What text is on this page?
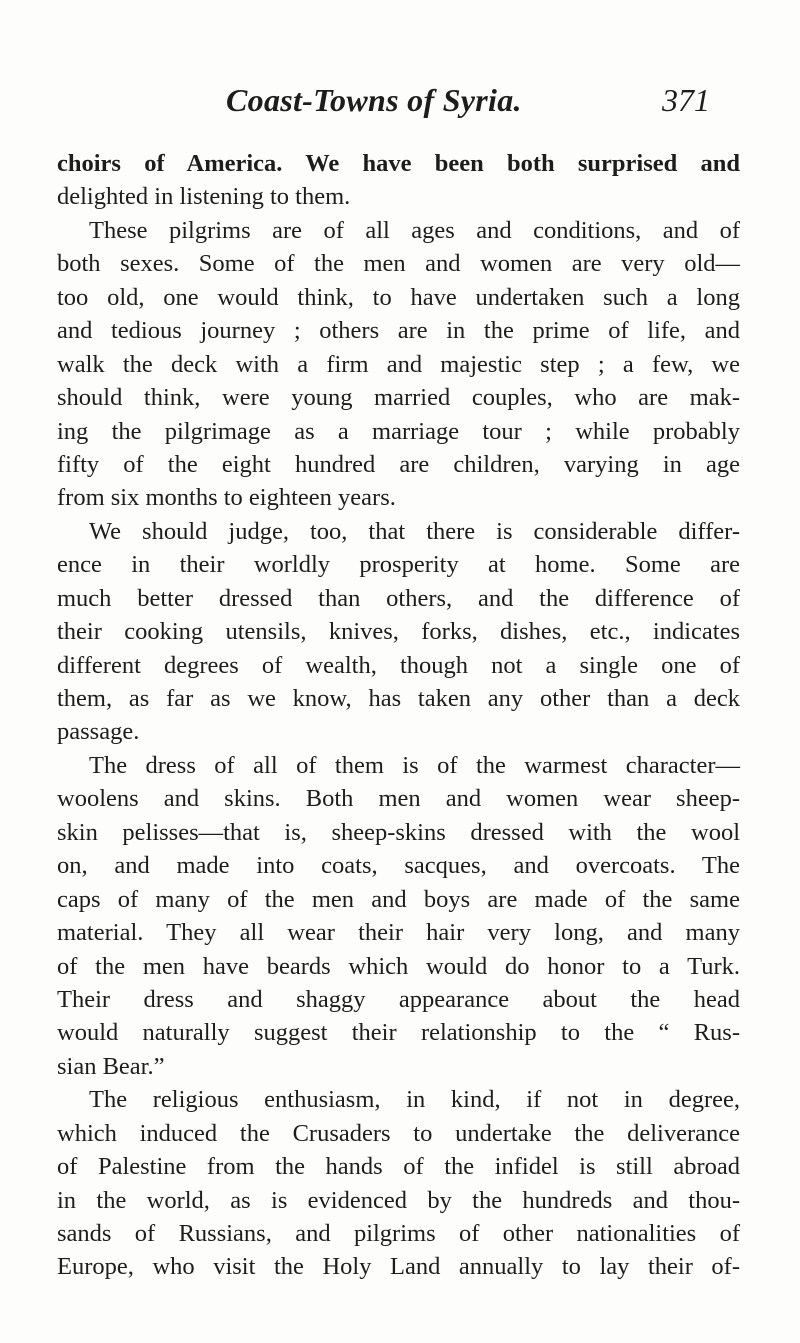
Coast-Towns of Syria.	371
choirs of America. We have been both surprised and
delighted in listening to them.
These pilgrims are of all ages and conditions, and of
both sexes. Some of the men and women are very old—
too old, one would think, to have undertaken such a long
and tedious journey ; others are in the prime of life, and
walk the deck with a firm and majestic step ; a few, we
should think, were young married couples, who are mak-
ing the pilgrimage as a marriage tour ; while probably
fifty of the eight hundred are children, varying in age
from six months to eighteen years.
We should judge, too, that there is considerable differ-
ence in their worldly prosperity at home. Some are
much better dressed than others, and the difference of
their cooking utensils, knives, forks, dishes, etc., indicates
different degrees of wealth, though not a single one of
them, as far as we know, has taken any other than a deck
passage.
The dress of all of them is of the warmest character—
woolens and skins. Both men and women wear sheep-
skin pelisses—that is, sheep-skins dressed with the wool
on, and made into coats, sacques, and overcoats. The
caps of many of the men and boys are made of the same
material. They all wear their hair very long, and many
of the men have beards which would do honor to a Turk.
Their dress and shaggy appearance about the head
would naturally suggest their relationship to the “ Rus-
sian Bear.”
The religious enthusiasm, in kind, if not in degree,
which induced the Crusaders to undertake the deliverance
of Palestine from the hands of the infidel is still abroad
in the world, as is evidenced by the hundreds and thou-
sands of Russians, and pilgrims of other nationalities of
Europe, who visit the Holy Land annually to lay their of-
